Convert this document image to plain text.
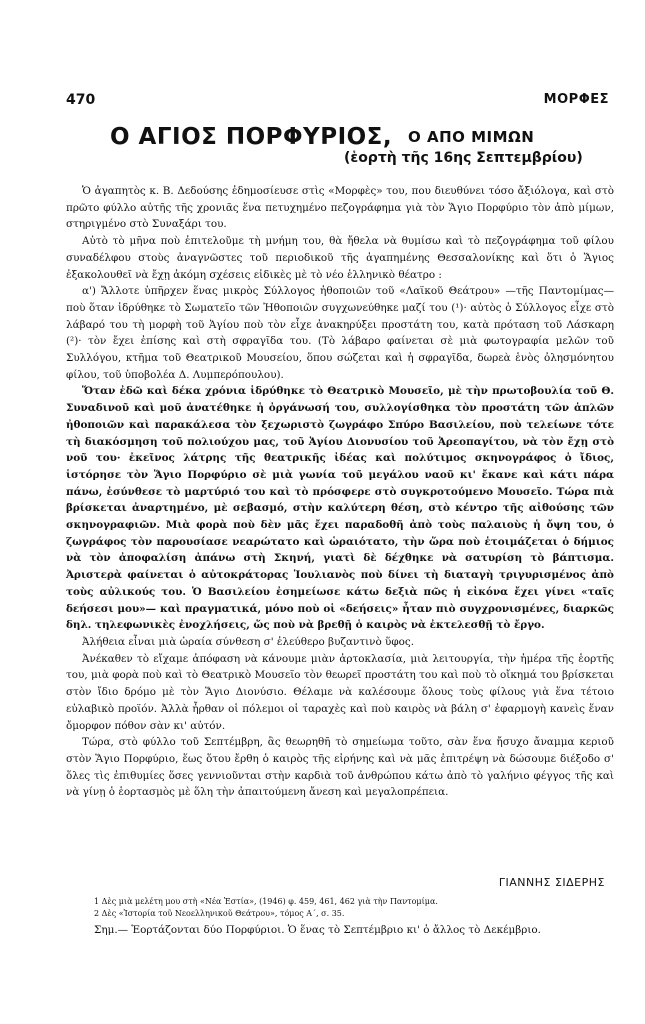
470	ΜΟΡΦΕΣ
Ο ΑΓΙΟΣ ΠΟΡΦΥΡΙΟΣ, Ο ΑΠΟ ΜΙΜΩΝ
(ἑορτὴ τῆς 16ης Σεπτεμβρίου)

Ὁ ἀγαπητὸς κ. Β. Δεδούσης ἐδημοσίευσε στὶς «Μορφὲς» του, που διευθύνει τόσο ἄξιόλογα, καὶ στὸ πρῶτο φύλλο αὐτῆς τῆς χρονιᾶς ἕνα πετυχημένο πεζογράφημα γιὰ τὸν Ἅγιο Πορφύριο τὸν ἀπὸ μίμων, στηριγμένο στὸ Συναξάρι του.

Αὐτὸ τὸ μῆνα ποὺ ἐπιτελοῦμε τὴ μνήμη του, θὰ ἤθελα νὰ θυμίσω καὶ τὸ πεζογράφημα τοῦ φίλου συναδέλφου στοὺς ἀναγνῶστες τοῦ περιοδικοῦ τῆς ἀγαπημένης Θεσσαλονίκης καὶ ὅτι ὁ Ἅγιος ἐξακολουθεῖ νὰ ἔχῃ ἀκόμη σχέσεις εἰδικὲς μὲ τὸ νέο ἑλληνικὸ θέατρο :

α') Ἄλλοτε ὑπῆρχεν ἕνας μικρὸς Σύλλογος ἠθοποιῶν τοῦ «Λαϊκοῦ Θεάτρου» —τῆς Παντομίμας— ποὺ ὅταν ἱδρύθηκε τὸ Σωματεῖο τῶν Ἠθοποιῶν συγχωνεύθηκε μαζί του (¹)· αὐτὸς ὁ Σύλλογος εἶχε στὸ λάβαρό του τὴ μορφὴ τοῦ Ἁγίου ποὺ τὸν εἶχε ἀνακηρύξει προστάτη του, κατὰ πρόταση τοῦ Λάσκαρη (²)· τὸν ἔχει ἐπίσης καὶ στὴ σφραγῖδα του. (Τὸ λάβαρο φαίνεται σὲ μιὰ φωτογραφία μελῶν τοῦ Συλλόγου, κτῆμα τοῦ Θεατρικοῦ Μουσείου, ὅπου σώζεται καὶ ἡ σφραγῖδα, δωρεὰ ἑνὸς ὀλησμόνητου φίλου, τοῦ ὑποβολέα Δ. Λυμπερόπουλου).

Ὅταν ἐδῶ καὶ δέκα χρόνια ἱδρύθηκε τὸ Θεατρικὸ Μουσεῖο, μὲ τὴν πρωτοβουλία τοῦ Θ. Συναδινοῦ καὶ μοῦ ἀνατέθηκε ἡ ὀργάνωσή του, συλλογίσθηκα τὸν προστάτη τῶν ἁπλῶν ἠθοποιῶν καὶ παρακάλεσα τὸν ξεχωριστὸ ζωγράφο Σπύρο Βασιλείου, ποὺ τελείωνε τότε τὴ διακόσμηση τοῦ πολιούχου μας, τοῦ Ἁγίου Διονυσίου τοῦ Ἀρεοπαγίτου, νὰ τὸν ἔχῃ στὸ νοῦ του· ἐκεῖνος λάτρης τῆς θεατρικῆς ἰδέας καὶ πολύτιμος σκηνογράφος ὁ ἴδιος, ἱστόρησε τὸν Ἅγιο Πορφύριο σὲ μιὰ γωνία τοῦ μεγάλου ναοῦ κι' ἔκανε καὶ κάτι πάρα πάνω, ἐσύνθεσε τὸ μαρτύριό του καὶ τὸ πρόσφερε στὸ συγκροτούμενο Μουσεῖο. Τώρα πιὰ βρίσκεται ἀναρτημένο, μὲ σεβασμό, στὴν καλύτερη θέση, στὸ κέντρο τῆς αἰθούσης τῶν σκηνογραφιῶν. Μιὰ φορὰ ποὺ δὲν μᾶς ἔχει παραδοθῆ ἀπὸ τοὺς παλαιοὺς ἡ ὄψη του, ὁ ζωγράφος τὸν παρουσίασε νεαρώτατο καὶ ὡραιότατο, τὴν ὥρα ποὺ ἑτοιμάζεται ὁ δήμιος νὰ τὸν ἀποφαλίση ἀπάνω στὴ Σκηνή, γιατὶ δὲ δέχθηκε νὰ σατυρίση τὸ βάπτισμα. Ἀριστερὰ φαίνεται ὁ αὐτοκράτορας Ἰουλιανὸς ποὺ δίνει τὴ διαταγὴ τριγυρισμένος ἀπὸ τοὺς αὐλικούς του. Ὁ Βασιλείου ἐσημείωσε κάτω δεξιὰ πῶς ἡ εἰκόνα ἔχει γίνει «ταῖς δεήσεσι μου»— καὶ πραγματικά, μόνο ποὺ οἱ «δεήσεις» ἦταν πιὸ συγχρονισμένες, διαρκῶς δηλ. τηλεφωνικὲς ἐνοχλήσεις, ὥς ποὺ νὰ βρεθῇ ὁ καιρὸς νὰ ἐκτελεσθῇ τὸ ἔργο.

Ἀλήθεια εἶναι μιὰ ὡραία σύνθεση σ' ἐλεύθερο βυζαντινὸ ὕφος.

Ἀνέκαθεν τὸ εἴχαμε ἀπόφαση νὰ κάνουμε μιὰν ἀρτοκλασία, μιὰ λειτουργία, τὴν ἡμέρα τῆς ἑορτῆς του, μιὰ φορὰ ποὺ καὶ τὸ Θεατρικὸ Μουσεῖο τὸν θεωρεῖ προστάτη του καὶ ποὺ τὸ οἴκημά του βρίσκεται στὸν ἴδιο δρόμο μὲ τὸν Ἅγιο Διονύσιο. Θέλαμε νὰ καλέσουμε ὅλους τοὺς φίλους γιὰ ἕνα τέτοιο εὐλαβικὸ προϊόν. Ἀλλὰ ἦρθαν οἱ πόλεμοι οἱ ταραχὲς καὶ ποὺ καιρὸς νὰ βάλη σ' ἐφαρμογὴ κανεὶς ἕναν ὄμορφον πόθον σὰν κι' αὐτόν.

Τώρα, στὸ φύλλο τοῦ Σεπτέμβρη, ἂς θεωρηθῆ τὸ σημείωμα τοῦτο, σὰν ἕνα ἤσυχο ἄναμμα κεριοῦ στὸν Ἅγιο Πορφύριο, ἕως ὅτου ἔρθη ὁ καιρὸς τῆς εἰρήνης καὶ νὰ μᾶς ἐπιτρέψη νὰ δώσουμε διέξοδο σ' ὅλες τὶς ἐπιθυμίες ὅσες γεννιοῦνται στὴν καρδιὰ τοῦ ἀνθρώπου κάτω ἀπὸ τὸ γαλήνιο φέγγος τῆς καὶ νὰ γίνῃ ὁ ἑορτασμὸς μὲ ὅλη τὴν ἀπαιτούμενη ἄνεση καὶ μεγαλοπρέπεια.

ΓΙΑΝΝΗΣ ΣΙΔΕΡΗΣ

1 Δὲς μιὰ μελέτη μου στὴ «Νέα Ἑστία», (1946) φ. 459, 461, 462 γιὰ τὴν Παντομίμα.

2 Δὲς «Ἱστορία τοῦ Νεοελληνικοῦ Θεάτρου», τόμος Α΄, σ. 35.

Σημ.— Ἑορτάζονται δύο Πορφύριοι. Ὁ ἕνας τὸ Σεπτέμβριο κι' ὁ ἄλλος τὸ Δεκέμβριο.
